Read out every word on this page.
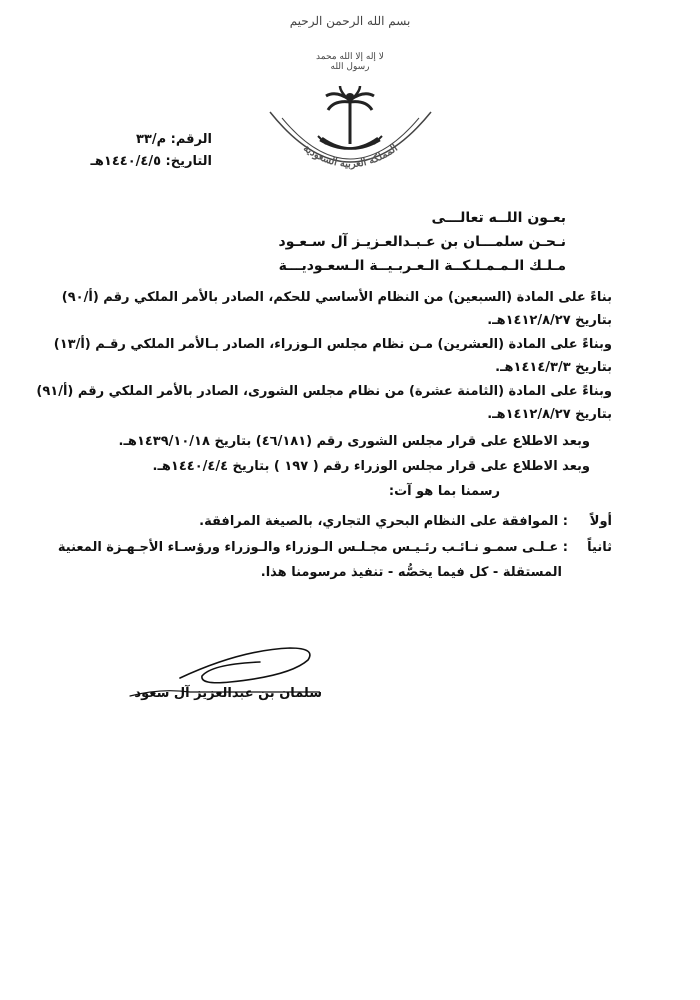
بسم الله الرحمن الرحيم
لا إله إلا الله محمد رسول الله
المملكة العربية السعودية
الرقم: م/٣٣
التاريخ: ١٤٤٠/٤/٥هـ
بعـون اللــه تعالـــى
نـحـن سلمـــان بن عـبـدالعـزيـز آل سـعـود
مـلـك الـمـمـلـكــة الـعـربـيــة الـسعـوديـــة
بناءً على المادة (السبعين) من النظام الأساسي للحكم، الصادر بالأمر الملكي رقم (أ/٩٠)
بتاريخ ١٤١٢/٨/٢٧هـ.
وبناءً على المادة (العشرين) مـن نظام مجلس الـوزراء، الصادر بـالأمر الملكي رقـم (أ/١٣)
بتاريخ ١٤١٤/٣/٣هـ.
وبناءً على المادة (الثامنة عشرة) من نظام مجلس الشورى، الصادر بالأمر الملكي رقم (أ/٩١)
بتاريخ ١٤١٢/٨/٢٧هـ.
وبعد الاطلاع على قرار مجلس الشورى رقم (٤٦/١٨١) بتاريخ ١٤٣٩/١٠/١٨هـ.
وبعد الاطلاع على قرار مجلس الوزراء رقم ( ١٩٧ ) بتاريخ ١٤٤٠/٤/٤هـ.
رسمنا بما هو آت:
أولاً
: الموافقة على النظام البحري التجاري، بالصيغة المرافقة.
ثانياً
: عـلـى سمـو نـائـب رئـيـس مجـلـس الـوزراء والـوزراء ورؤسـاء الأجـهـزة المعنية
المستقلة - كل فيما يخصُّه - تنفيذ مرسومنا هذا.
سلمان بن عبدالعزيز آل سعود
